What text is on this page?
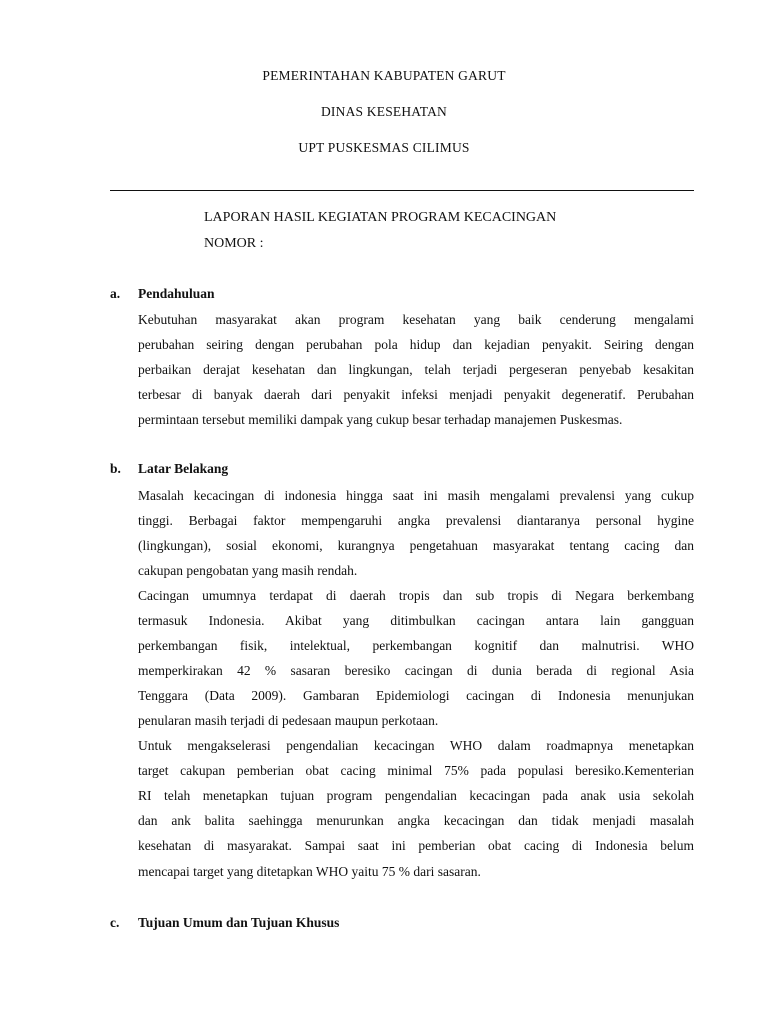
PEMERINTAHAN KABUPATEN GARUT
DINAS KESEHATAN
UPT PUSKESMAS CILIMUS
LAPORAN HASIL KEGIATAN PROGRAM KECACINGAN
NOMOR :
a. Pendahuluan
Kebutuhan masyarakat akan program kesehatan yang baik cenderung mengalami
perubahan seiring dengan perubahan pola hidup dan kejadian penyakit. Seiring dengan
perbaikan derajat kesehatan dan lingkungan, telah terjadi pergeseran penyebab kesakitan
terbesar di banyak daerah dari penyakit infeksi menjadi penyakit degeneratif. Perubahan
permintaan tersebut memiliki dampak yang cukup besar terhadap manajemen Puskesmas.
b. Latar Belakang
Masalah kecacingan di indonesia hingga saat ini masih mengalami prevalensi yang cukup
tinggi. Berbagai faktor mempengaruhi angka prevalensi diantaranya personal hygine
(lingkungan), sosial ekonomi, kurangnya pengetahuan masyarakat tentang cacing dan
cakupan pengobatan yang masih rendah.
Cacingan umumnya terdapat di daerah tropis dan sub tropis di Negara berkembang
termasuk Indonesia. Akibat yang ditimbulkan cacingan antara lain gangguan
perkembangan fisik, intelektual, perkembangan kognitif dan malnutrisi. WHO
memperkirakan 42 % sasaran beresiko cacingan di dunia berada di regional Asia
Tenggara (Data 2009). Gambaran Epidemiologi cacingan di Indonesia menunjukan
penularan masih terjadi di pedesaan maupun perkotaan.
Untuk mengakselerasi pengendalian kecacingan WHO dalam roadmapnya menetapkan
target cakupan pemberian obat cacing minimal 75% pada populasi beresiko.Kementerian
RI telah menetapkan tujuan program pengendalian kecacingan pada anak usia sekolah
dan ank balita saehingga menurunkan angka kecacingan dan tidak menjadi masalah
kesehatan di masyarakat. Sampai saat ini pemberian obat cacing di Indonesia belum
mencapai target yang ditetapkan WHO yaitu 75 % dari sasaran.
c. Tujuan Umum dan Tujuan Khusus
